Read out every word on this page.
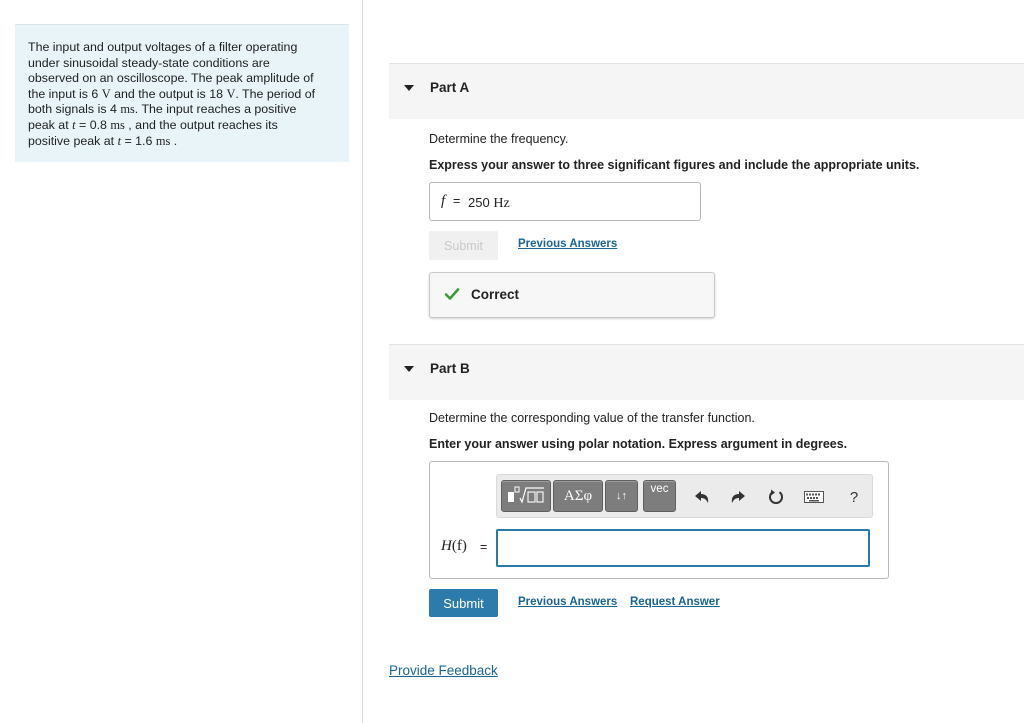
The input and output voltages of a filter operating
under sinusoidal steady-state conditions are
observed on an oscilloscope. The peak amplitude of
the input is 6 V and the output is 18 V. The period of
both signals is 4 ms. The input reaches a positive
peak at t = 0.8 ms , and the output reaches its
positive peak at t = 1.6 ms .
Part A
Determine the frequency.
Express your answer to three significant figures and include the appropriate units.
f = 250 Hz
Submit	Previous Answers
Correct
Part B
Determine the corresponding value of the transfer function.
Enter your answer using polar notation. Express argument in degrees.
ΑΣφ	↓↑
vec	?
H(f) =
Submit	Previous Answers Request Answer
Provide Feedback
